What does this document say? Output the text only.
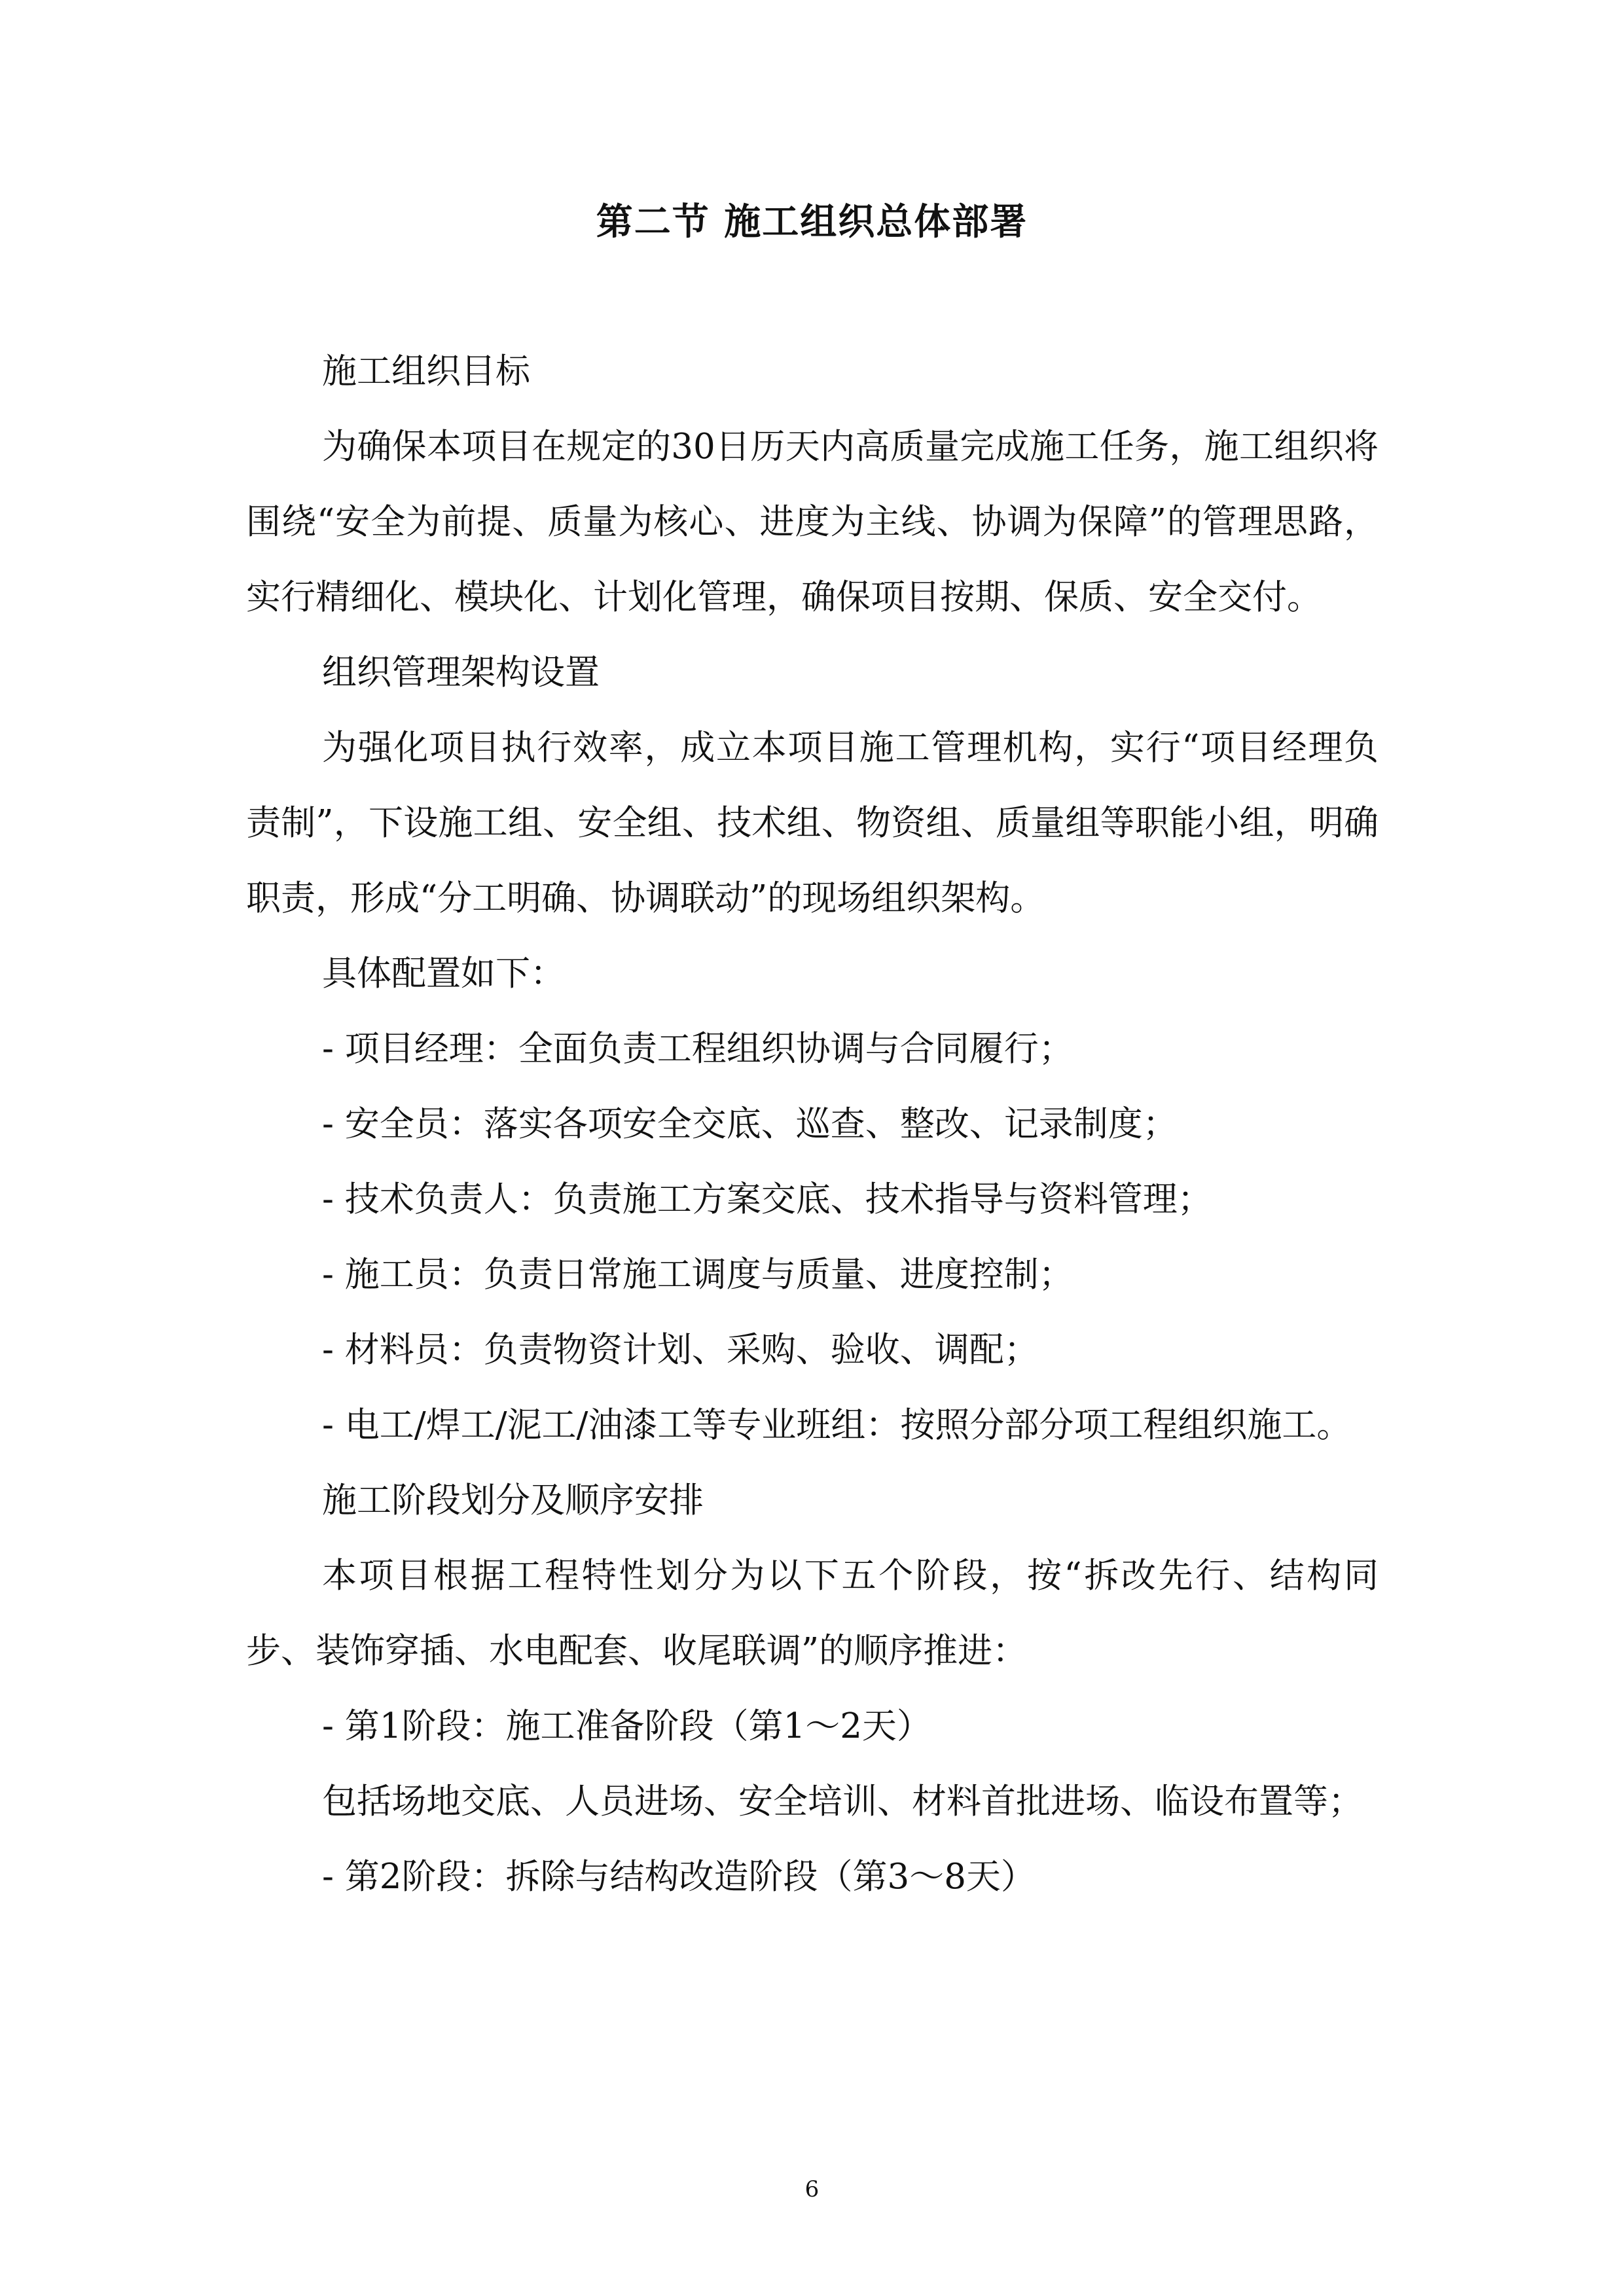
第二节 施工组织总体部署

施工组织目标

为确保本项目在规定的30日历天内高质量完成施工任务，施工组织将围绕“安全为前提、质量为核心、进度为主线、协调为保障”的管理思路，实行精细化、模块化、计划化管理，确保项目按期、保质、安全交付。

组织管理架构设置

为强化项目执行效率，成立本项目施工管理机构，实行“项目经理负责制”，下设施工组、安全组、技术组、物资组、质量组等职能小组，明确职责，形成“分工明确、协调联动”的现场组织架构。

具体配置如下：

- 项目经理：全面负责工程组织协调与合同履行；

- 安全员：落实各项安全交底、巡查、整改、记录制度；

- 技术负责人：负责施工方案交底、技术指导与资料管理；

- 施工员：负责日常施工调度与质量、进度控制；

- 材料员：负责物资计划、采购、验收、调配；

- 电工/焊工/泥工/油漆工等专业班组：按照分部分项工程组织施工。

施工阶段划分及顺序安排

本项目根据工程特性划分为以下五个阶段，按“拆改先行、结构同步、装饰穿插、水电配套、收尾联调”的顺序推进：

- 第1阶段：施工准备阶段（第1～2天）

包括场地交底、人员进场、安全培训、材料首批进场、临设布置等；

- 第2阶段：拆除与结构改造阶段（第3～8天）

6
